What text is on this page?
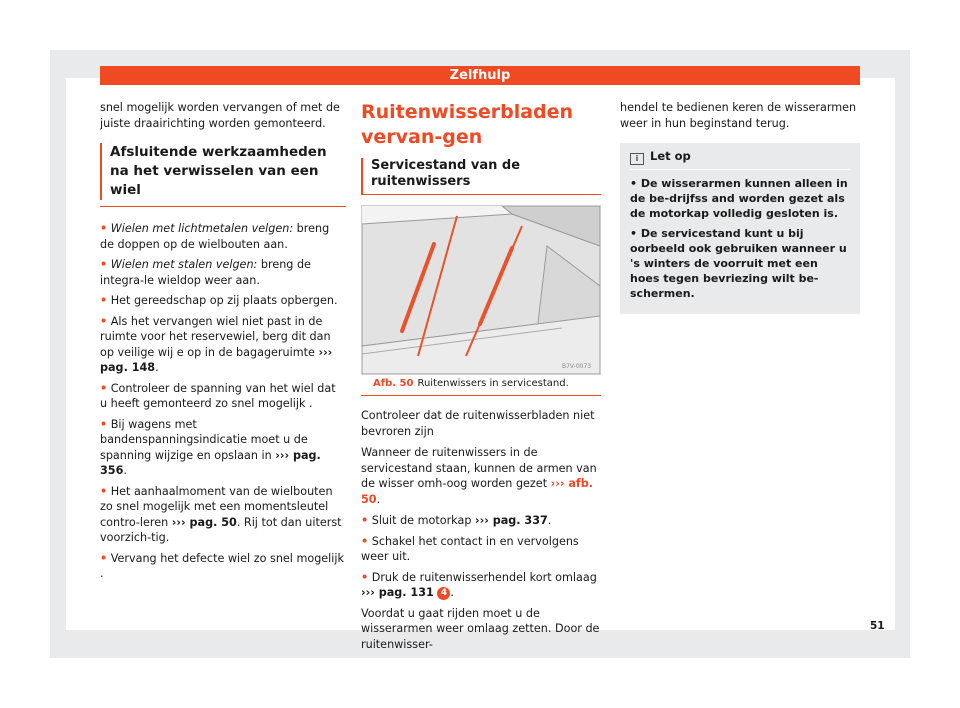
Zelfhulp

snel mogelijk worden vervangen of met de juiste draairichting worden gemonteerd.

Afsluitende werkzaamheden na het verwisselen van een wiel

• Wielen met lichtmetalen velgen: breng de doppen op de wielbouten aan.

• Wielen met stalen velgen: breng de integra-le wieldop weer aan.

• Het gereedschap op zij plaats opbergen.

• Als het vervangen wiel niet past in de ruimte voor het reservewiel, berg dit dan op veilige wij e op in de bagageruimte ››› pag. 148.

• Controleer de spanning van het wiel dat u heeft gemonteerd zo snel mogelijk .

• Bij wagens met bandenspanningsindicatie moet u de spanning wijzige en opslaan in ››› pag. 356.

• Het aanhaalmoment van de wielbouten zo snel mogelijk met een momentsleutel contro-leren ››› pag. 50. Rij tot dan uiterst voorzich-tig.

• Vervang het defecte wiel zo snel mogelijk .

Ruitenwisserbladen vervan-gen
Servicestand van de ruitenwissers
B7V-0073

Afb. 50 Ruitenwissers in servicestand.

Controleer dat de ruitenwisserbladen niet bevroren zijn

Wanneer de ruitenwissers in de servicestand staan, kunnen de armen van de wisser omh-oog worden gezet ››› afb. 50.

• Sluit de motorkap ››› pag. 337.

• Schakel het contact in en vervolgens weer uit.

• Druk de ruitenwisserhendel kort omlaag ››› pag. 131 4 .

Voordat u gaat rijden moet u de wisserarmen weer omlaag zetten. Door de ruitenwisser-

hendel te bedienen keren de wisserarmen weer in hun beginstand terug.

i Let op

• De wisserarmen kunnen alleen in de be-drijfss and worden gezet als de motorkap volledig gesloten is.

• De servicestand kunt u bij oorbeeld ook gebruiken wanneer u 's winters de voorruit met een hoes tegen bevriezing wilt be-schermen.

51
